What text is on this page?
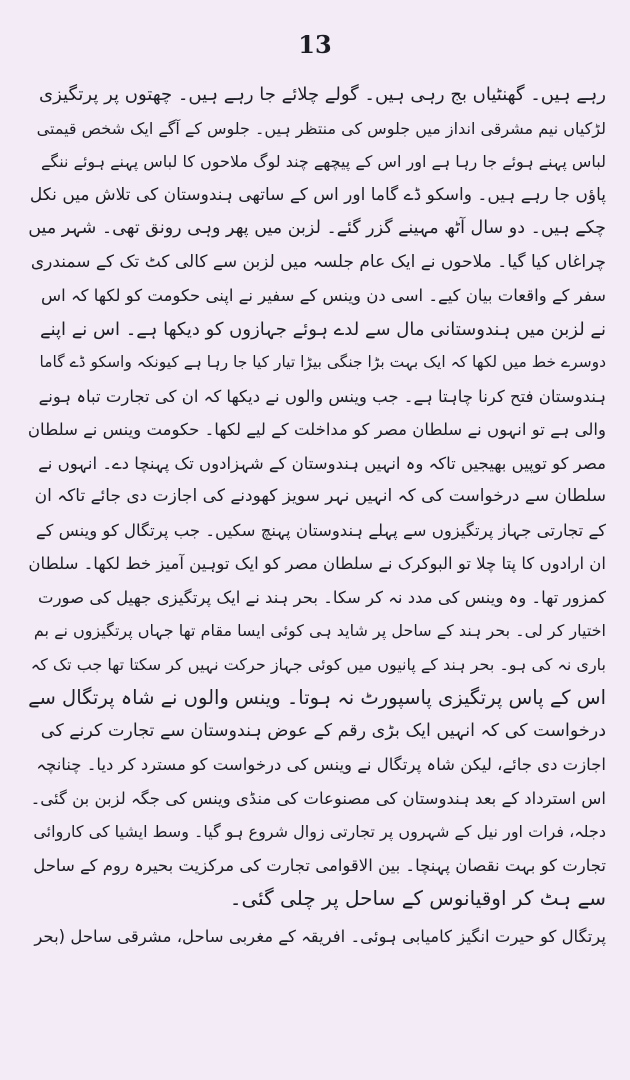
13
رہے ہیں۔ گھنٹیاں بج رہی ہیں۔ گولے چلائے جا رہے ہیں۔ چھتوں پر پرتگیزی
لڑکیاں نیم مشرقی انداز میں جلوس کی منتظر ہیں۔ جلوس کے آگے ایک شخص قیمتی
لباس پہنے ہوئے جا رہا ہے اور اس کے پیچھے چند لوگ ملاحوں کا لباس پہنے ہوئے ننگے
پاؤں جا رہے ہیں۔ واسکو ڈے گاما اور اس کے ساتھی ہندوستان کی تلاش میں نکل
چکے ہیں۔ دو سال آٹھ مہینے گزر گئے۔ لزبن میں پھر وہی رونق تھی۔ شہر میں
چراغاں کیا گیا۔ ملاحوں نے ایک عام جلسہ میں لزبن سے کالی کٹ تک کے سمندری
سفر کے واقعات بیان کیے۔ اسی دن وینس کے سفیر نے اپنی حکومت کو لکھا کہ اس
نے لزبن میں ہندوستانی مال سے لدے ہوئے جہازوں کو دیکھا ہے۔ اس نے اپنے
دوسرے خط میں لکھا کہ ایک بہت بڑا جنگی بیڑا تیار کیا جا رہا ہے کیونکہ واسکو ڈے گاما
ہندوستان فتح کرنا چاہتا ہے۔ جب وینس والوں نے دیکھا کہ ان کی تجارت تباہ ہونے
والی ہے تو انہوں نے سلطان مصر کو مداخلت کے لیے لکھا۔ حکومت وینس نے سلطان
مصر کو توپیں بھیجیں تاکہ وہ انہیں ہندوستان کے شہزادوں تک پہنچا دے۔ انہوں نے
سلطان سے درخواست کی کہ انہیں نہر سویز کھودنے کی اجازت دی جائے تاکہ ان
کے تجارتی جہاز پرتگیزوں سے پہلے ہندوستان پہنچ سکیں۔ جب پرتگال کو وینس کے
ان ارادوں کا پتا چلا تو البوکرک نے سلطان مصر کو ایک توہین آمیز خط لکھا۔ سلطان
کمزور تھا۔ وہ وینس کی مدد نہ کر سکا۔ بحر ہند نے ایک پرتگیزی جھیل کی صورت
اختیار کر لی۔ بحر ہند کے ساحل پر شاید ہی کوئی ایسا مقام تھا جہاں پرتگیزوں نے بم
باری نہ کی ہو۔ بحر ہند کے پانیوں میں کوئی جہاز حرکت نہیں کر سکتا تھا جب تک کہ
اس کے پاس پرتگیزی پاسپورٹ نہ ہوتا۔ وینس والوں نے شاہ پرتگال سے
درخواست کی کہ انہیں ایک بڑی رقم کے عوض ہندوستان سے تجارت کرنے کی
اجازت دی جائے، لیکن شاہ پرتگال نے وینس کی درخواست کو مسترد کر دیا۔ چنانچہ
اس استرداد کے بعد ہندوستان کی مصنوعات کی منڈی وینس کی جگہ لزبن بن گئی۔
دجلہ، فرات اور نیل کے شہروں پر تجارتی زوال شروع ہو گیا۔ وسط ایشیا کی کاروائی
تجارت کو بہت نقصان پہنچا۔ بین الاقوامی تجارت کی مرکزیت بحیرہ روم کے ساحل
سے ہٹ کر اوقیانوس کے ساحل پر چلی گئی۔
پرتگال کو حیرت انگیز کامیابی ہوئی۔ افریقہ کے مغربی ساحل، مشرقی ساحل (بحر
